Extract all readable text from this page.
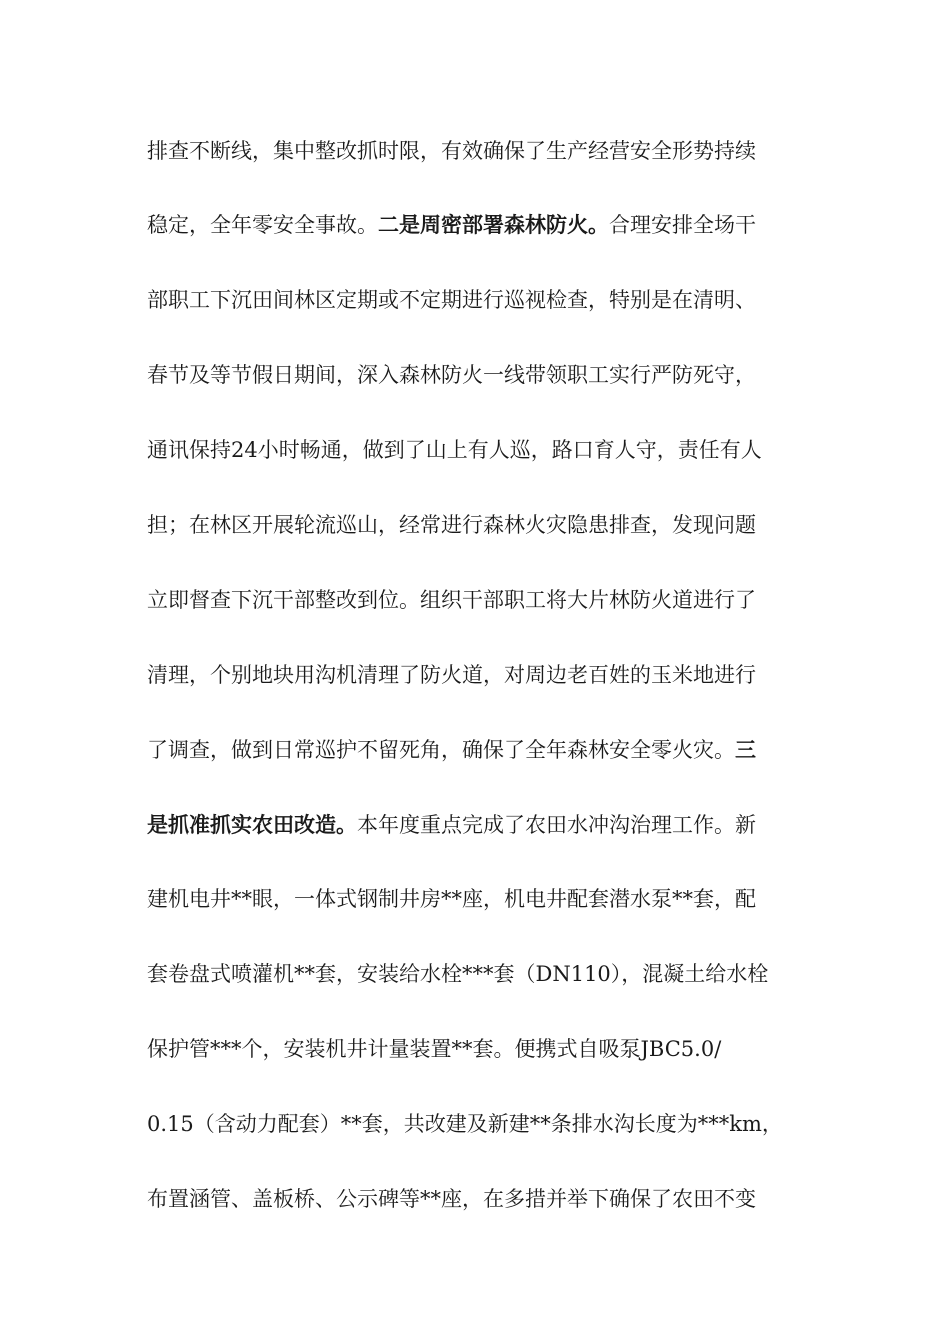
排查不断线，集中整改抓时限，有效确保了生产经营安全形势持续
稳定，全年零安全事故。二是周密部署森林防火。合理安排全场干
部职工下沉田间林区定期或不定期进行巡视检查，特别是在清明、
春节及等节假日期间，深入森林防火一线带领职工实行严防死守，
通讯保持24小时畅通，做到了山上有人巡，路口育人守，责任有人
担；在林区开展轮流巡山，经常进行森林火灾隐患排查，发现问题
立即督查下沉干部整改到位。组织干部职工将大片林防火道进行了
清理，个别地块用沟机清理了防火道，对周边老百姓的玉米地进行
了调查，做到日常巡护不留死角，确保了全年森林安全零火灾。三
是抓准抓实农田改造。本年度重点完成了农田水冲沟治理工作。新
建机电井**眼，一体式钢制井房**座，机电井配套潜水泵**套，配
套卷盘式喷灌机**套，安装给水栓***套（DN110），混凝土给水栓
保护管***个，安装机井计量装置**套。便携式自吸泵JBC5.0/
0.15（含动力配套）**套，共改建及新建**条排水沟长度为***km，
布置涵管、盖板桥、公示碑等**座，在多措并举下确保了农田不变
